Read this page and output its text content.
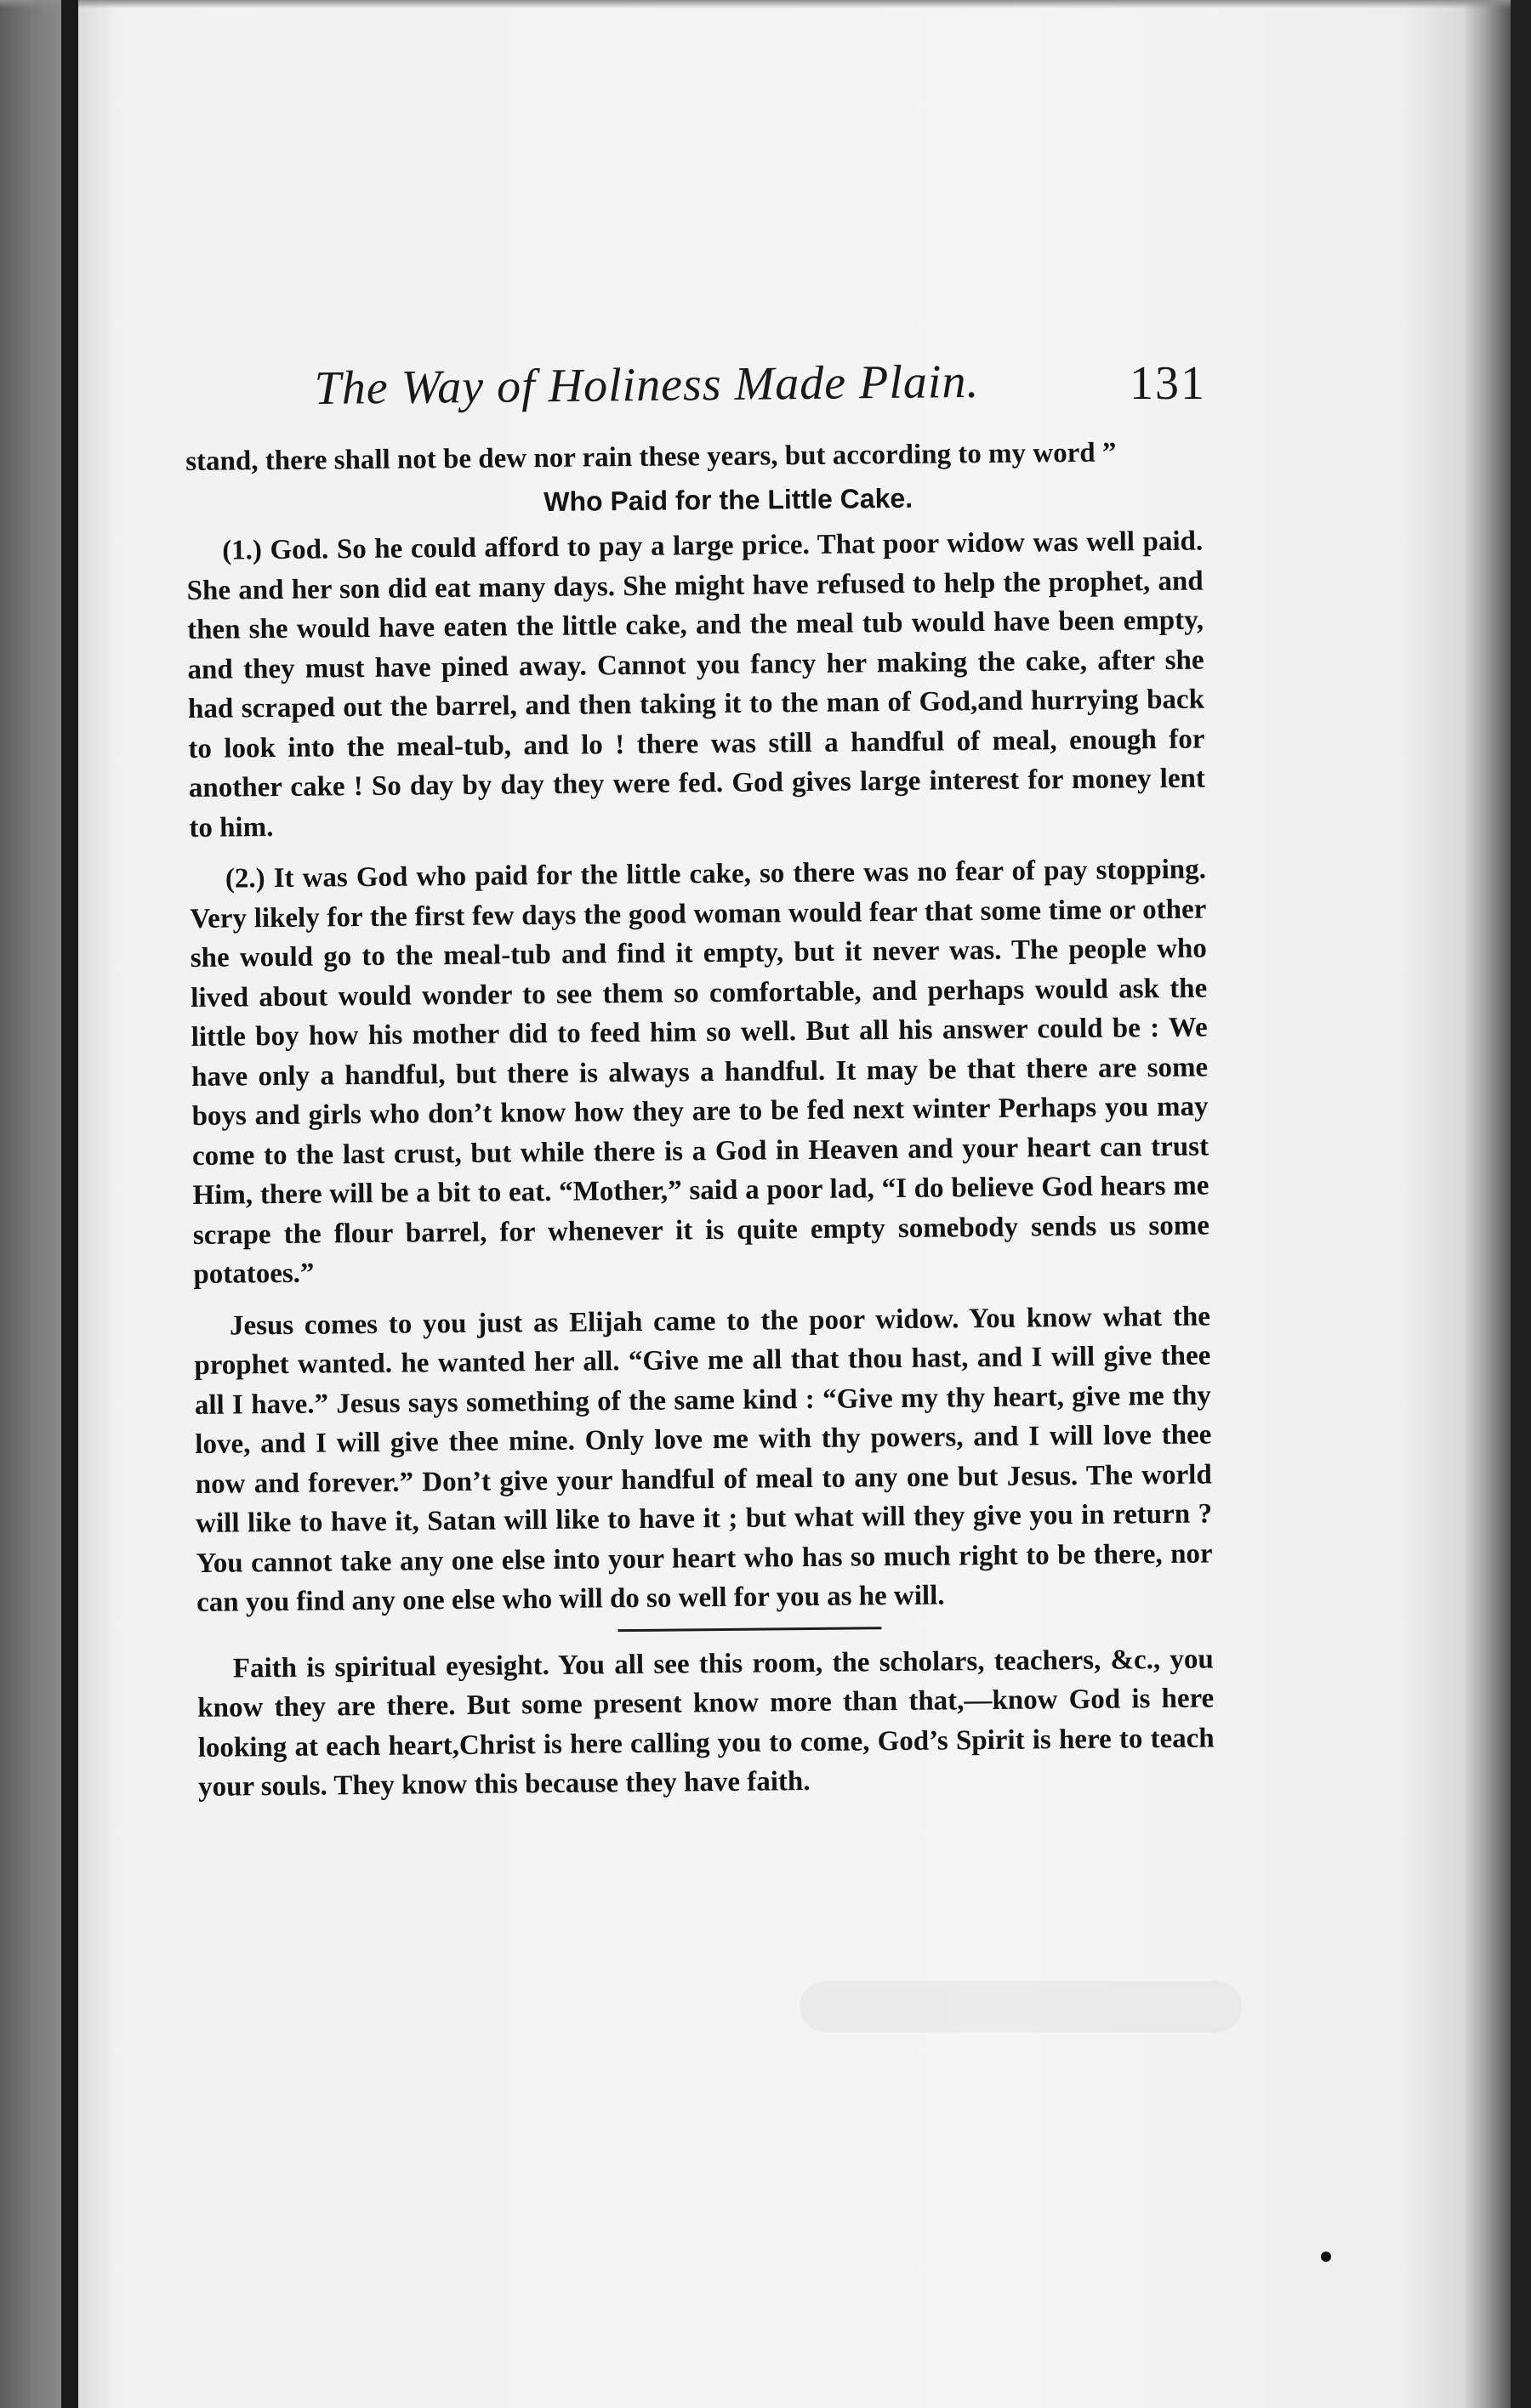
The Way of Holiness Made Plain.	131

stand, there shall not be dew nor rain these years, but according to my word ”

Who Paid for the Little Cake.

(1.) God. So he could afford to pay a large price. That poor widow was well paid. She and her son did eat many days. She might have refused to help the prophet, and then she would have eaten the little cake, and the meal tub would have been empty, and they must have pined away. Cannot you fancy her making the cake, after she had scraped out the barrel, and then taking it to the man of God,and hurrying back to look into the meal-tub, and lo ! there was still a handful of meal, enough for another cake ! So day by day they were fed. God gives large interest for money lent to him.

(2.) It was God who paid for the little cake, so there was no fear of pay stopping. Very likely for the first few days the good woman would fear that some time or other she would go to the meal-tub and find it empty, but it never was. The people who lived about would wonder to see them so comfortable, and perhaps would ask the little boy how his mother did to feed him so well. But all his answer could be : We have only a handful, but there is always a handful. It may be that there are some boys and girls who don’t know how they are to be fed next winter Perhaps you may come to the last crust, but while there is a God in Heaven and your heart can trust Him, there will be a bit to eat. “Mother,” said a poor lad, “I do believe God hears me scrape the flour barrel, for whenever it is quite empty somebody sends us some potatoes.”

Jesus comes to you just as Elijah came to the poor widow. You know what the prophet wanted. he wanted her all. “Give me all that thou hast, and I will give thee all I have.” Jesus says something of the same kind : “Give my thy heart, give me thy love, and I will give thee mine. Only love me with thy powers, and I will love thee now and forever.” Don’t give your handful of meal to any one but Jesus. The world will like to have it, Satan will like to have it ; but what will they give you in return ? You cannot take any one else into your heart who has so much right to be there, nor can you find any one else who will do so well for you as he will.

Faith is spiritual eyesight. You all see this room, the scholars, teachers, &c., you know they are there. But some present know more than that,—know God is here looking at each heart,Christ is here calling you to come, God’s Spirit is here to teach your souls. They know this because they have faith.
